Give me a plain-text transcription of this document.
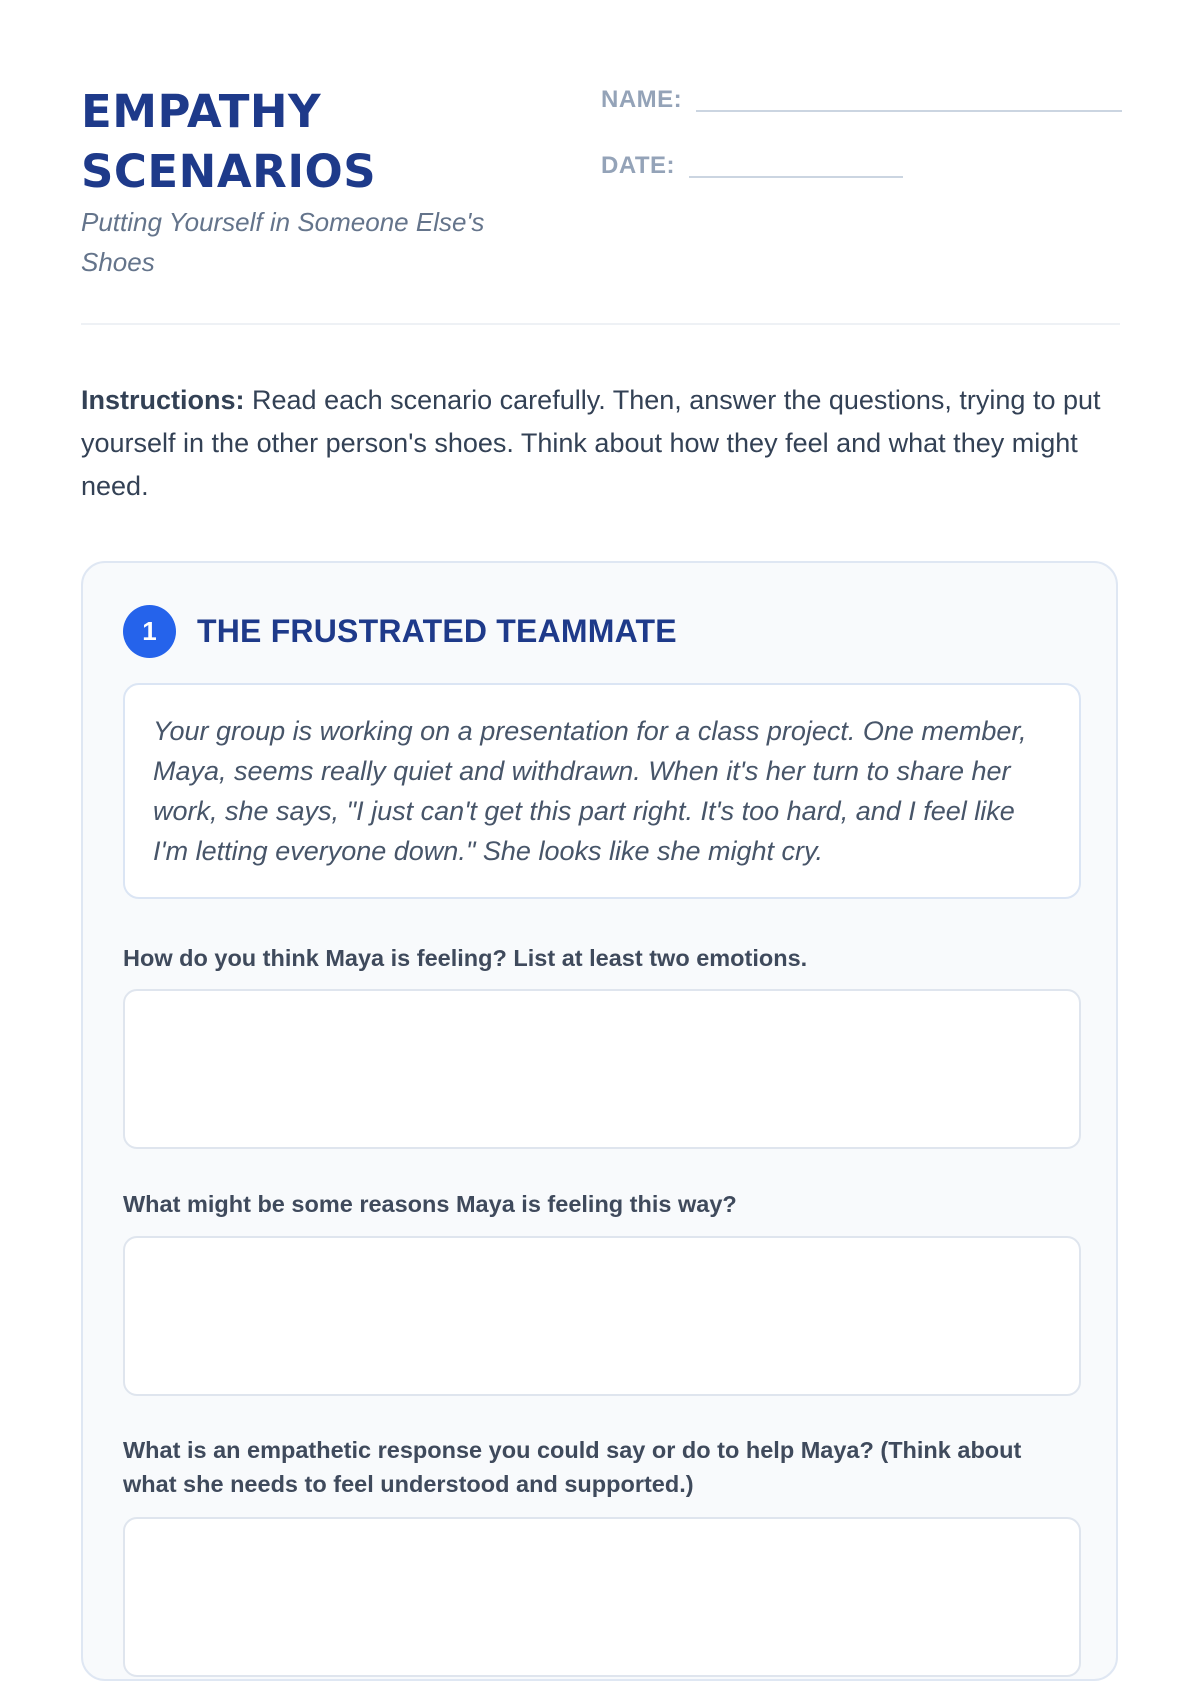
EMPATHY SCENARIOS

Putting Yourself in Someone Else's Shoes

NAME:
DATE:

Instructions: Read each scenario carefully. Then, answer the questions, trying to put yourself in the other person's shoes. Think about how they feel and what they might need.

1	THE FRUSTRATED TEAMMATE
Your group is working on a presentation for a class project. One member, Maya, seems really quiet and withdrawn. When it's her turn to share her work, she says, "I just can't get this part right. It's too hard, and I feel like I'm letting everyone down." She looks like she might cry.

How do you think Maya is feeling? List at least two emotions.

What might be some reasons Maya is feeling this way?

What is an empathetic response you could say or do to help Maya? (Think about what she needs to feel understood and supported.)
